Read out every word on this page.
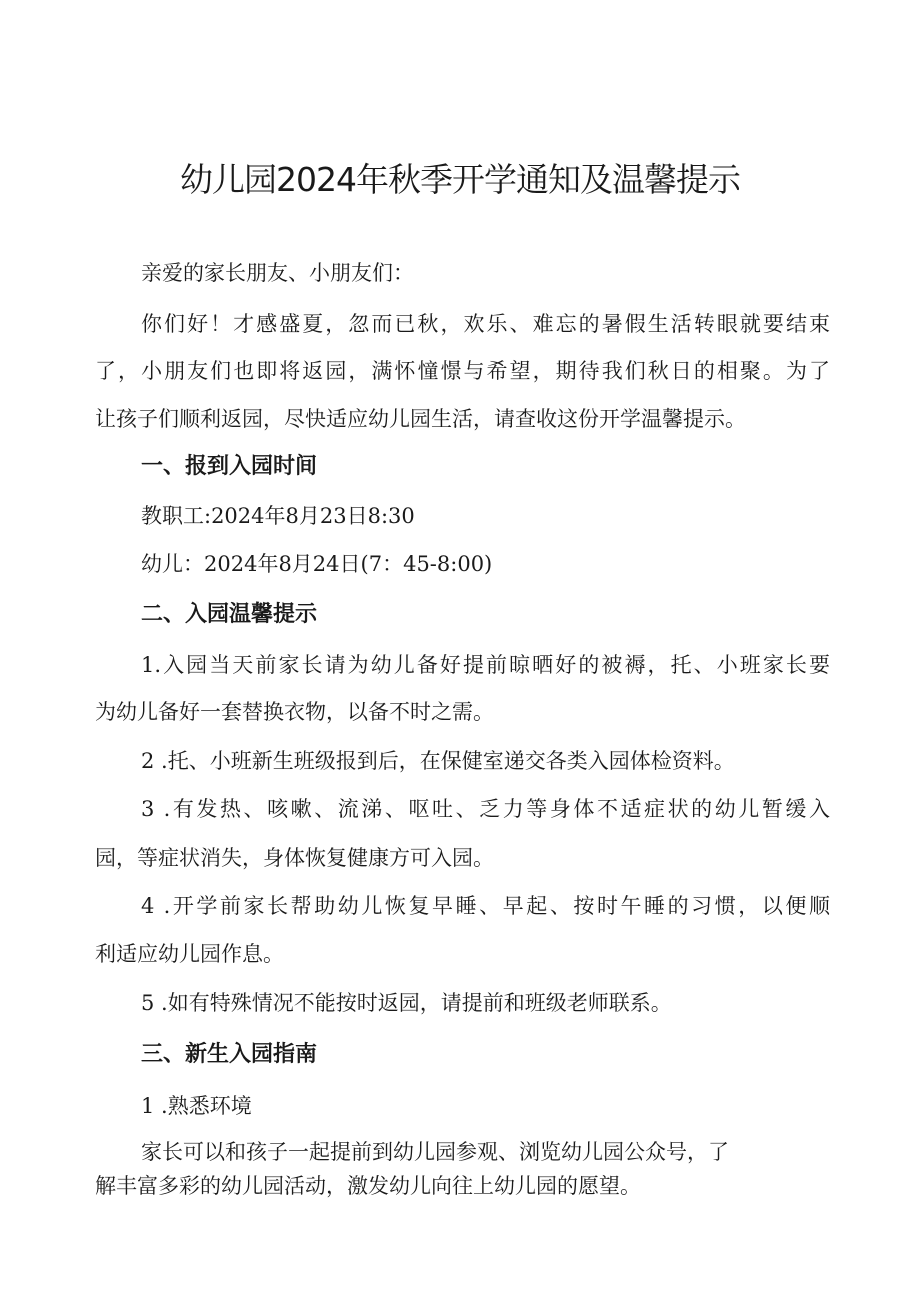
幼儿园2024年秋季开学通知及温馨提示

亲爱的家长朋友、小朋友们：

你们好！才感盛夏，忽而已秋，欢乐、难忘的暑假生活转眼就要结束

了，小朋友们也即将返园，满怀憧憬与希望，期待我们秋日的相聚。为了

让孩子们顺利返园，尽快适应幼儿园生活，请查收这份开学温馨提示。

一、报到入园时间

教职工:2024年8月23日8:30

幼儿：2024年8月24日(7：45-8:00)

二、入园温馨提示

1.入园当天前家长请为幼儿备好提前晾晒好的被褥，托、小班家长要

为幼儿备好一套替换衣物，以备不时之需。

2 .托、小班新生班级报到后，在保健室递交各类入园体检资料。

3 .有发热、咳嗽、流涕、呕吐、乏力等身体不适症状的幼儿暂缓入

园，等症状消失，身体恢复健康方可入园。

4 .开学前家长帮助幼儿恢复早睡、早起、按时午睡的习惯，以便顺

利适应幼儿园作息。

5 .如有特殊情况不能按时返园，请提前和班级老师联系。

三、新生入园指南

1 .熟悉环境

家长可以和孩子一起提前到幼儿园参观、浏览幼儿园公众号，了

解丰富多彩的幼儿园活动，激发幼儿向往上幼儿园的愿望。
